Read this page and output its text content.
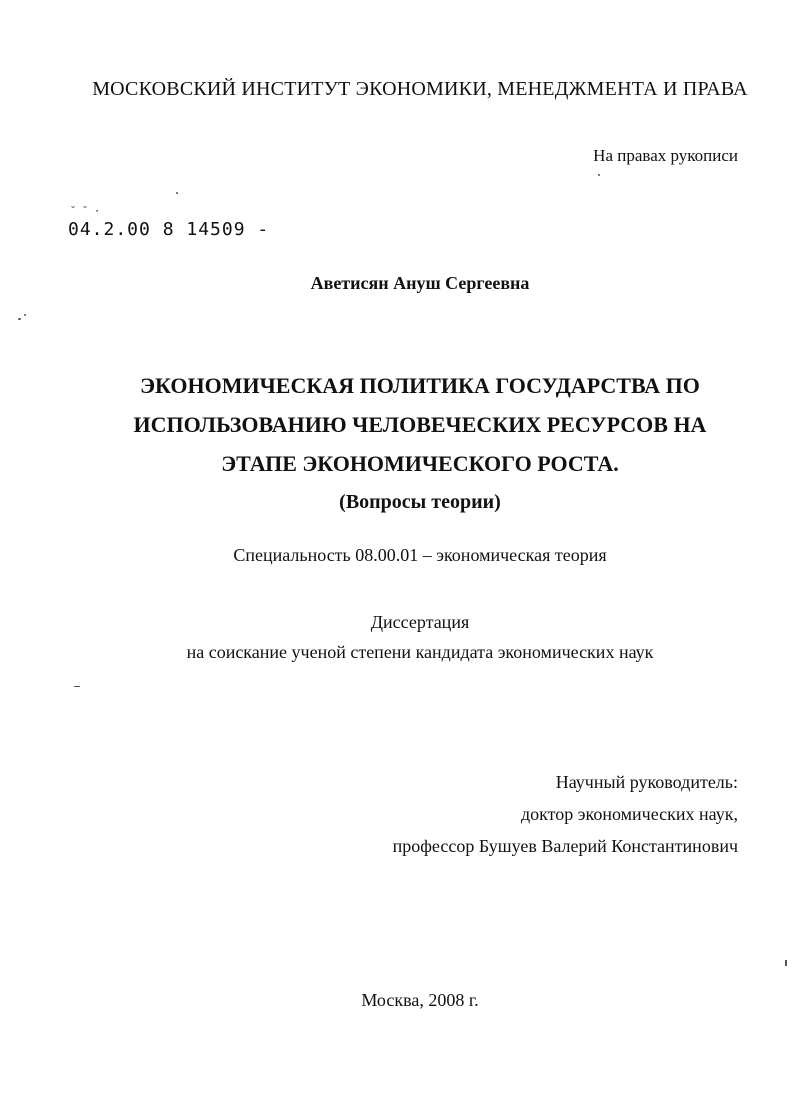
МОСКОВСКИЙ ИНСТИТУТ ЭКОНОМИКИ, МЕНЕДЖМЕНТА И ПРАВА
На правах рукописи
˘ ˘ ·
04.2.00 8 14509 -
Аветисян Ануш Сергеевна
ЭКОНОМИЧЕСКАЯ ПОЛИТИКА ГОСУДАРСТВА ПО
ИСПОЛЬЗОВАНИЮ ЧЕЛОВЕЧЕСКИХ РЕСУРСОВ НА
ЭТАПЕ ЭКОНОМИЧЕСКОГО РОСТА.
(Вопросы теории)
Специальность 08.00.01 – экономическая теория
Диссертация
на соискание ученой степени кандидата экономических наук
Научный руководитель:
доктор экономических наук,
профессор Бушуев Валерий Константинович
Москва, 2008 г.
